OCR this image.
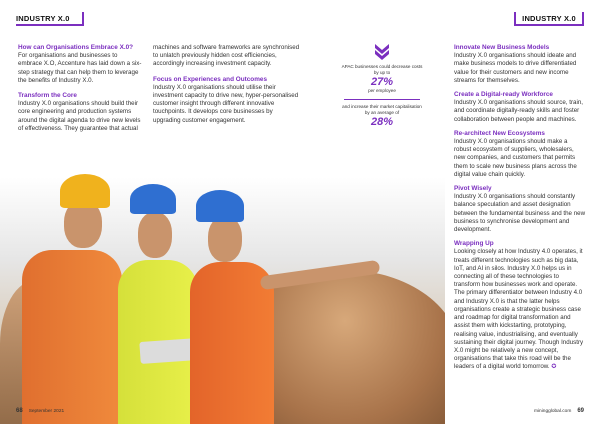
INDUSTRY X.0	INDUSTRY X.0
How can Organisations Embrace X.0?

For organisations and businesses to embrace X.O, Accenture has laid down a six-step strategy that can help them to leverage the benefits of Industry X.0.

Transform the Core

Industry X.0 organisations should build their core engineering and production systems around the digital agenda to drive new levels of effectiveness. They guarantee that actual

machines and software frameworks are synchronised to unlatch previously hidden cost efficiencies, accordingly increasing investment capacity.

Focus on Experiences and Outcomes

Industry X.0 organisations should utilise their investment capacity to drive new, hyper-personalised customer insight through different innovative touchpoints. It develops core businesses by upgrading customer engagement.

APAC businesses could decrease costs by up to
27%
per employee
and increase their market capitalisation by an average of
28%
Innovate New Business Models

Industry X.0 organisations should ideate and make business models to drive differentiated value for their customers and new income streams for themselves.

Create a Digital-ready Workforce

Industry X.0 organisations should source, train, and coordinate digitally-ready skills and foster collaboration between people and machines.

Re-architect New Ecosystems

Industry X.0 organisations should make a robust ecosystem of suppliers, wholesalers, new companies, and customers that permits them to scale new business plans across the digital value chain quickly.

Pivot Wisely

Industry X.0 organisations should constantly balance speculation and asset designation between the fundamental business and the new business to synchronise development and development.

Wrapping Up

Looking closely at how Industry 4.0 operates, it treats different technologies such as big data, IoT, and AI in silos. Industry X.0 helps us in connecting all of these technologies to transform how businesses work and operate. The primary differentiator between Industry 4.0 and Industry X.0 is that the latter helps organisations create a strategic business case and roadmap for digital transformation and assist them with kickstarting, prototyping, realising value, industrialising, and eventually sustaining their digital journey. Though Industry X.0 might be relatively a new concept, organisations that take this road will be the leaders of a digital world tomorrow. ✪

68 September 2021	miningglobal.com 69
